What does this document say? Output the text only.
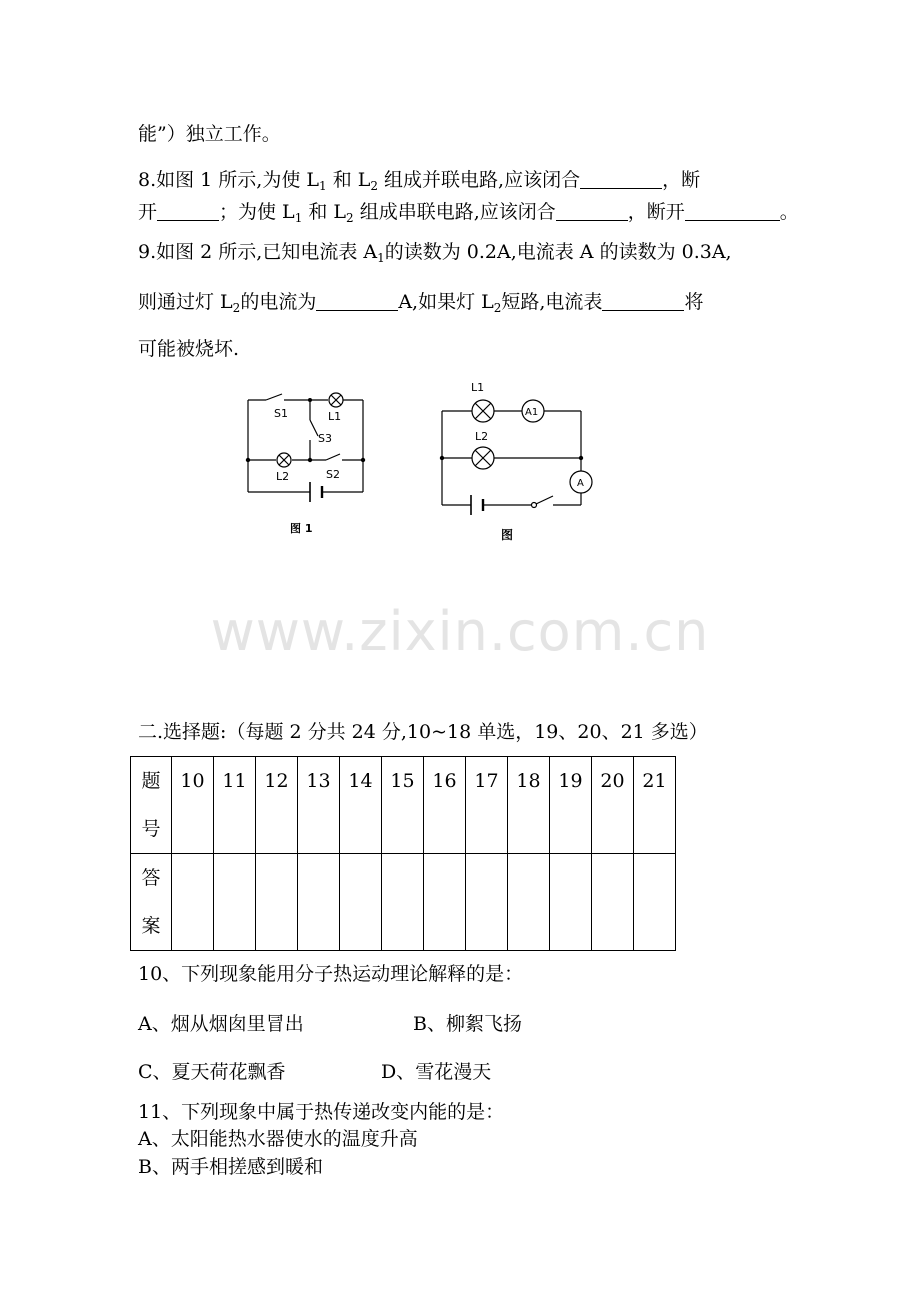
能”）独立工作。
8.如图 1 所示,为使 $L_1$ 和 $L_2$ 组成并联电路,应该闭合	，断
开	；为使 $L_1$ 和 $L_2$ 组成串联电路,应该闭合	，断开	。
9.如图 2 所示,已知电流表 $A_1$的读数为 0.2A,电流表 A 的读数为 0.3A,
则通过灯 $L_2$的电流为	A,如果灯 $L_2$短路,电流表	将
可能被烧坏.
S1	L1
S3
L2	S2
图 1
L1
A1
L2
A
图
www.zixin.com.cn
二.选择题:（每题 2 分共 24 分,10~18 单选，19、20、21 多选）
题
号	10	11	12	13	14	15	16	17	18	19	20	21

答
案												

10、下列现象能用分子热运动理论解释的是：
A、烟从烟囱里冒出	B、柳絮飞扬
C、夏天荷花飘香	D、雪花漫天
11、下列现象中属于热传递改变内能的是：
A、太阳能热水器使水的温度升高
B、两手相搓感到暖和
